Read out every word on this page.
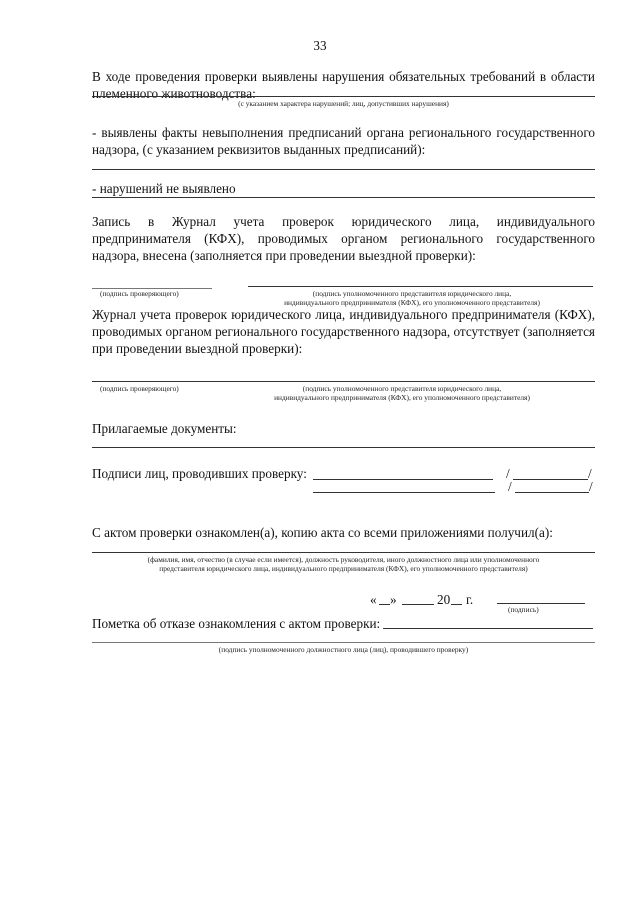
33
В ходе проведения проверки выявлены нарушения обязательных требований в области племенного животноводства:
(с указанием характера нарушений; лиц, допустивших нарушения)
- выявлены факты невыполнения предписаний органа регионального государственного надзора, (с указанием реквизитов выданных предписаний):
- нарушений не выявлено
Запись в Журнал учета проверок юридического лица, индивидуального предпринимателя (КФХ), проводимых органом регионального государственного надзора, внесена (заполняется при проведении выездной проверки):
(подпись проверяющего)	(подпись уполномоченного представителя юридического лица,
индивидуального предпринимателя (КФХ), его уполномоченного представителя)
Журнал учета проверок юридического лица, индивидуального предпринимателя (КФХ), проводимых органом регионального государственного надзора, отсутствует (заполняется при проведении выездной проверки):
(подпись проверяющего)	(подпись уполномоченного представителя юридического лица,
индивидуального предпринимателя (КФХ), его уполномоченного представителя)
Прилагаемые документы:
Подписи лиц, проводивших проверку:	/	/
/	/
С актом проверки ознакомлен(а), копию акта со всеми приложениями получил(а):
(фамилия, имя, отчество (в случае если имеется), должность руководителя, иного должностного лица или уполномоченного
представителя юридического лица, индивидуального предпринимателя (КФХ), его уполномоченного представителя)
« »	20 г.
(подпись)
Пометка об отказе ознакомления с актом проверки:
(подпись уполномоченного должностного лица (лиц), проводившего проверку)
